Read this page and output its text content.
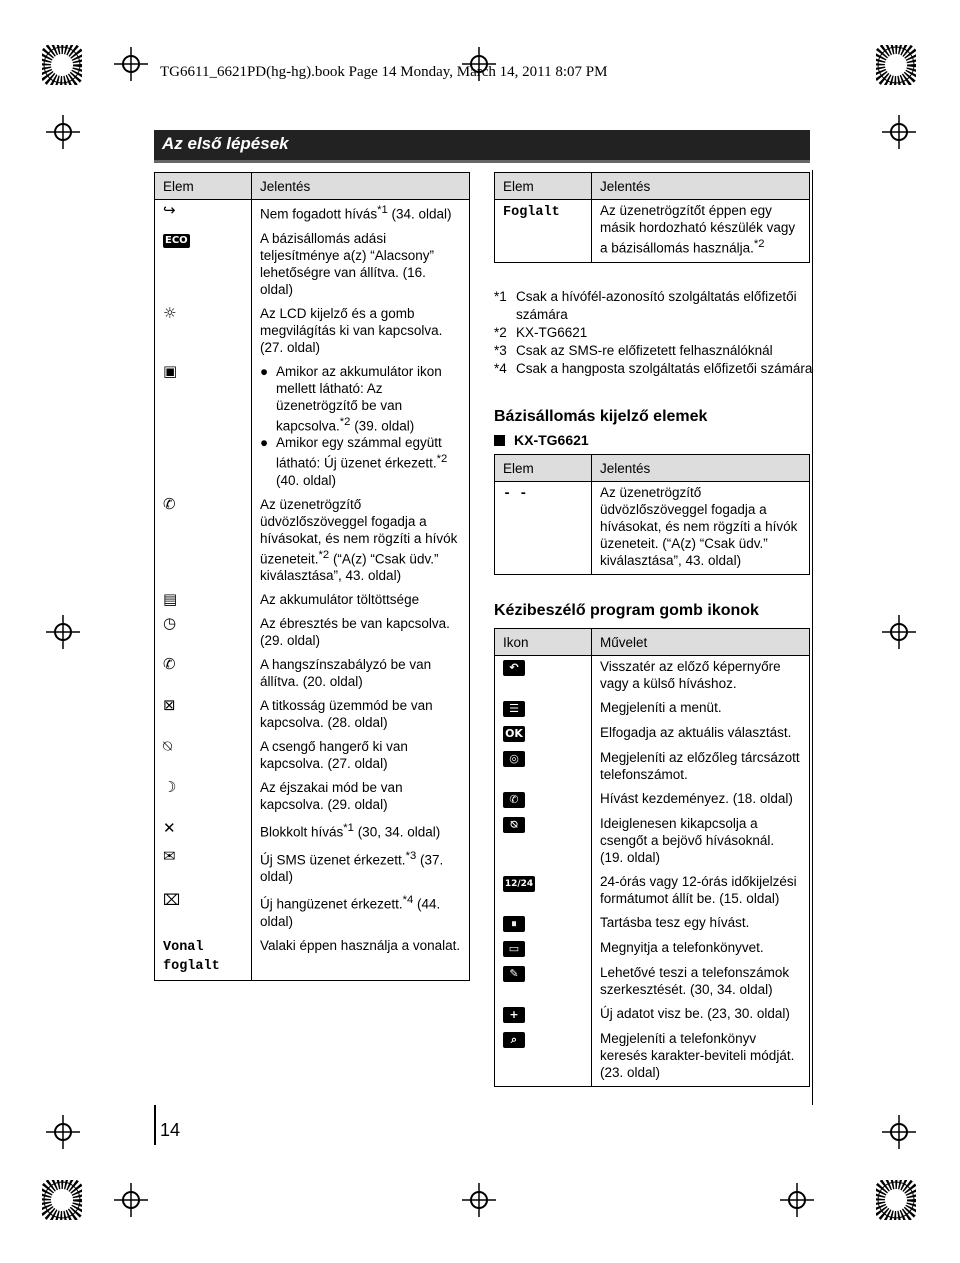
TG6611_6621PD(hg-hg).book Page 14 Monday, March 14, 2011 8:07 PM
Az első lépések
Elem	Jelentés
↪	Nem fogadott hívás$^{*1}$ (34. oldal)
ECO	A bázisállomás adási teljesítménye a(z) “Alacsony” lehetőségre van állítva. (16. oldal)
☼	Az LCD kijelző és a gomb megvilágítás ki van kapcsolva. (27. oldal)
▣	● Amikor az akkumulátor ikon mellett látható: Az üzenetrögzítő be van kapcsolva.$^{*2}$ (39. oldal)
● Amikor egy számmal együtt látható: Új üzenet érkezett.$^{*2}$ (40. oldal)

✆	Az üzenetrögzítő üdvözlőszöveggel fogadja a hívásokat, és nem rögzíti a hívók üzeneteit.$^{*2}$ (“A(z) “Csak üdv.” kiválasztása”, 43. oldal)
▤	Az akkumulátor töltöttsége
◷	Az ébresztés be van kapcsolva. (29. oldal)
✆	A hangszínszabályzó be van állítva. (20. oldal)
⊠	A titkosság üzemmód be van kapcsolva. (28. oldal)
⍉	A csengő hangerő ki van kapcsolva. (27. oldal)
☽	Az éjszakai mód be van kapcsolva. (29. oldal)
✕	Blokkolt hívás$^{*1}$ (30, 34. oldal)
✉	Új SMS üzenet érkezett.$^{*3}$ (37. oldal)
⌧	Új hangüzenet érkezett.$^{*4}$ (44. oldal)
Vonal foglalt	Valaki éppen használja a vonalat.
Elem	Jelentés
Foglalt	Az üzenetrögzítőt éppen egy másik hordozható készülék vagy a bázisállomás használja.$^{*2}$
*1 Csak a hívófél-azonosító szolgáltatás előfizetői számára
*2 KX-TG6621
*3 Csak az SMS-re előfizetett felhasználóknál
*4 Csak a hangposta szolgáltatás előfizetői számára
Bázisállomás kijelző elemek
KX-TG6621
Elem	Jelentés
- -	Az üzenetrögzítő üdvözlőszöveggel fogadja a hívásokat, és nem rögzíti a hívók üzeneteit. (“A(z) “Csak üdv.” kiválasztása”, 43. oldal)
Kézibeszélő program gomb ikonok
Ikon	Művelet
↶	Visszatér az előző képernyőre vagy a külső híváshoz.
☰	Megjeleníti a menüt.
OK	Elfogadja az aktuális választást.
◎	Megjeleníti az előzőleg tárcsázott telefonszámot.
✆	Hívást kezdeményez. (18. oldal)
⍉	Ideiglenesen kikapcsolja a csengőt a bejövő hívásoknál. (19. oldal)
12/24	24-órás vagy 12-órás időkijelzési formátumot állít be. (15. oldal)
⏸	Tartásba tesz egy hívást.
▭	Megnyitja a telefonkönyvet.
✎	Lehetővé teszi a telefonszámok szerkesztését. (30, 34. oldal)
+	Új adatot visz be. (23, 30. oldal)
⌕	Megjeleníti a telefonkönyv keresés karakter-beviteli módját. (23. oldal)
14
